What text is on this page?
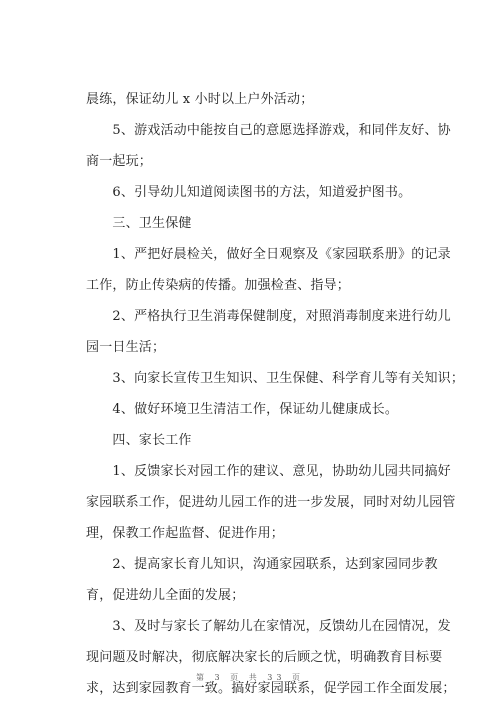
晨练，保证幼儿 x 小时以上户外活动；
　　5、游戏活动中能按自己的意愿选择游戏，和同伴友好、协
商一起玩；
　　6、引导幼儿知道阅读图书的方法，知道爱护图书。
　　三、卫生保健
　　1、严把好晨检关，做好全日观察及《家园联系册》的记录
工作，防止传染病的传播。加强检查、指导；
　　2、严格执行卫生消毒保健制度，对照消毒制度来进行幼儿
园一日生活；
　　3、向家长宣传卫生知识、卫生保健、科学育儿等有关知识；
　　4、做好环境卫生清洁工作，保证幼儿健康成长。
　　四、家长工作
　　1、反馈家长对园工作的建议、意见，协助幼儿园共同搞好
家园联系工作，促进幼儿园工作的进一步发展，同时对幼儿园管
理，保教工作起监督、促进作用；
　　2、提高家长育儿知识，沟通家园联系，达到家园同步教
育，促进幼儿全面的发展；
　　3、及时与家长了解幼儿在家情况，反馈幼儿在园情况，发
现问题及时解决，彻底解决家长的后顾之忧，明确教育目标要
求，达到家园教育一致。搞好家园联系，促学园工作全面发展；
第 3 页 共 33 页
